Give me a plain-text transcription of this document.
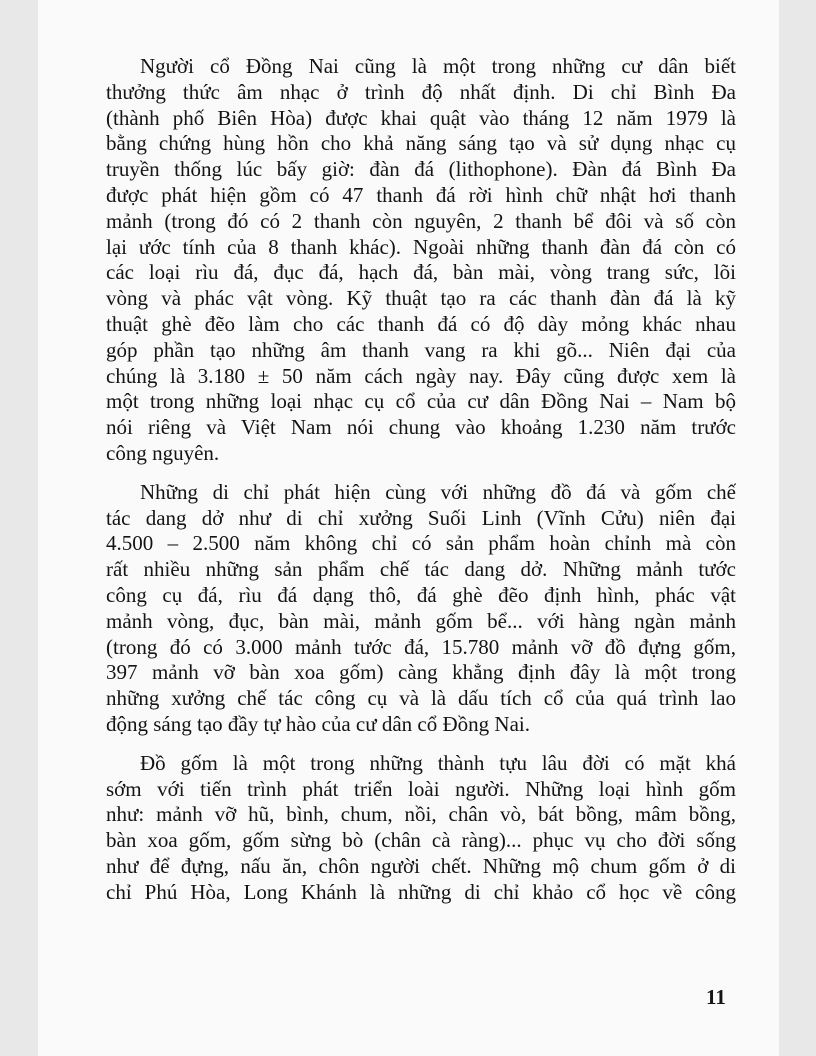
Người cổ Đồng Nai cũng là một trong những cư dân biết
thưởng thức âm nhạc ở trình độ nhất định. Di chỉ Bình Đa
(thành phố Biên Hòa) được khai quật vào tháng 12 năm 1979 là
bằng chứng hùng hồn cho khả năng sáng tạo và sử dụng nhạc cụ
truyền thống lúc bấy giờ: đàn đá (lithophone). Đàn đá Bình Đa
được phát hiện gồm có 47 thanh đá rời hình chữ nhật hơi thanh
mảnh (trong đó có 2 thanh còn nguyên, 2 thanh bể đôi và số còn
lại ước tính của 8 thanh khác). Ngoài những thanh đàn đá còn có
các loại rìu đá, đục đá, hạch đá, bàn mài, vòng trang sức, lõi
vòng và phác vật vòng. Kỹ thuật tạo ra các thanh đàn đá là kỹ
thuật ghè đẽo làm cho các thanh đá có độ dày mỏng khác nhau
góp phần tạo những âm thanh vang ra khi gõ... Niên đại của
chúng là 3.180 ± 50 năm cách ngày nay. Đây cũng được xem là
một trong những loại nhạc cụ cổ của cư dân Đồng Nai – Nam bộ
nói riêng và Việt Nam nói chung vào khoảng 1.230 năm trước
công nguyên.
Những di chỉ phát hiện cùng với những đồ đá và gốm chế
tác dang dở như di chỉ xưởng Suối Linh (Vĩnh Cửu) niên đại
4.500 – 2.500 năm không chỉ có sản phẩm hoàn chỉnh mà còn
rất nhiều những sản phẩm chế tác dang dở. Những mảnh tước
công cụ đá, rìu đá dạng thô, đá ghè đẽo định hình, phác vật
mảnh vòng, đục, bàn mài, mảnh gốm bể... với hàng ngàn mảnh
(trong đó có 3.000 mảnh tước đá, 15.780 mảnh vỡ đồ đựng gốm,
397 mảnh vỡ bàn xoa gốm) càng khẳng định đây là một trong
những xưởng chế tác công cụ và là dấu tích cổ của quá trình lao
động sáng tạo đầy tự hào của cư dân cổ Đồng Nai.
Đồ gốm là một trong những thành tựu lâu đời có mặt khá
sớm với tiến trình phát triển loài người. Những loại hình gốm
như: mảnh vỡ hũ, bình, chum, nồi, chân vò, bát bồng, mâm bồng,
bàn xoa gốm, gốm sừng bò (chân cà ràng)... phục vụ cho đời sống
như để đựng, nấu ăn, chôn người chết. Những mộ chum gốm ở di
chỉ Phú Hòa, Long Khánh là những di chỉ khảo cổ học về công
11
